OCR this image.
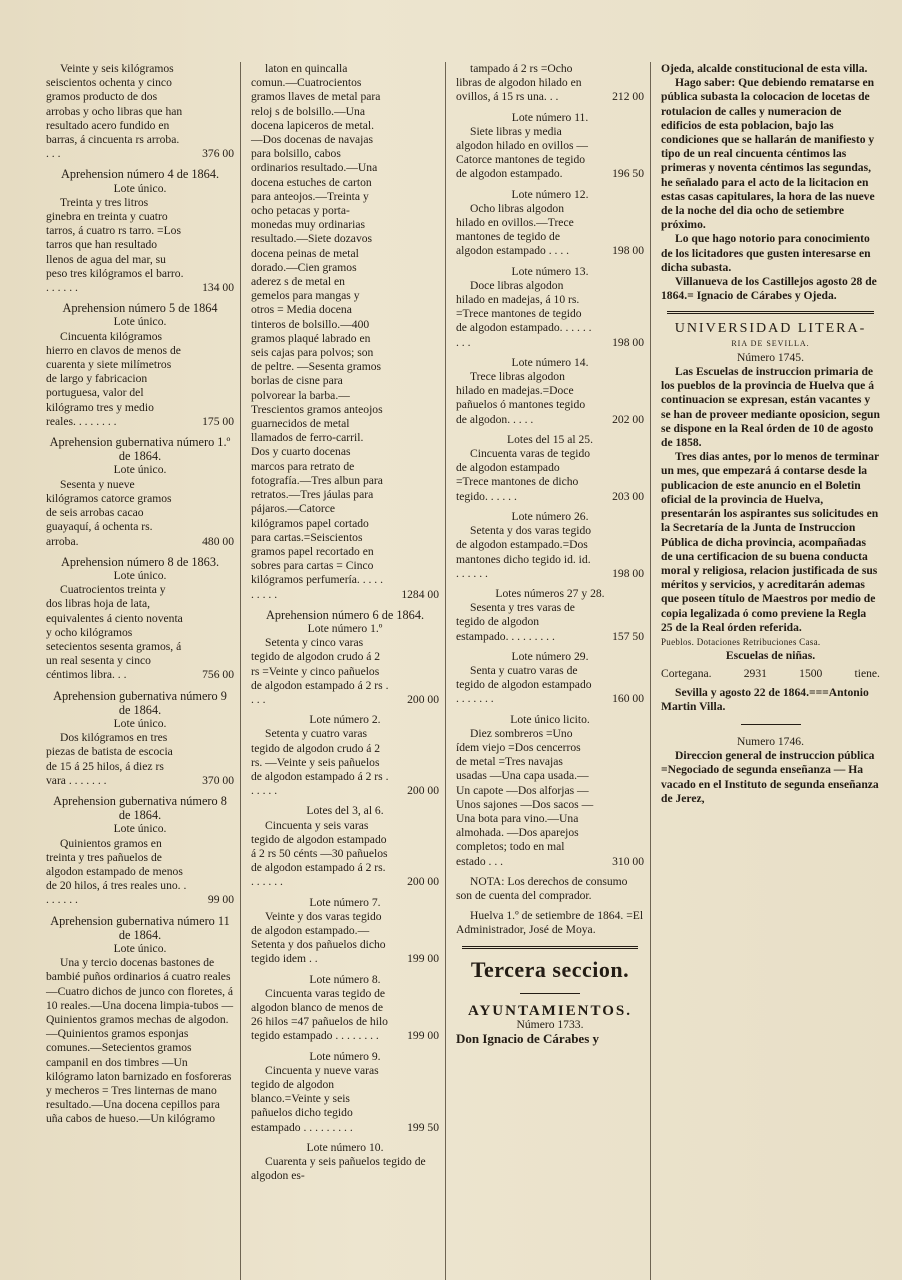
Veinte y seis kilógramos seiscientos ochenta y cinco gramos producto de dos arrobas y ocho libras que han resultado acero fundido en barras, á cincuenta rs arroba. . . .	376 00

Aprehension número 4 de 1864.

Lote único.

Treinta y tres litros ginebra en treinta y cuatro tarros, á cuatro rs tarro. =Los tarros que han resultado llenos de agua del mar, su peso tres kilógramos el barro. . . . . . .	134 00

Aprehension número 5 de 1864

Lote único.

Cincuenta kilógramos hierro en clavos de menos de cuarenta y siete milímetros de largo y fabricacion portuguesa, valor del kilógramo tres y medio reales. . . . . . . .	175 00

Aprehension gubernativa número 1.º de 1864.

Lote único.

Sesenta y nueve kilógramos catorce gramos de seis arrobas cacao guayaquí, á ochenta rs. arroba.	480 00

Aprehension número 8 de 1863.

Lote único.

Cuatrocientos treinta y dos libras hoja de lata, equivalentes á ciento noventa y ocho kilógramos setecientos sesenta gramos, á un real sesenta y cinco céntimos libra. . .	756 00

Aprehension gubernativa número 9 de 1864.

Lote único.

Dos kilógramos en tres piezas de batista de escocia de 15 á 25 hilos, á diez rs vara . . . . . . .	370 00

Aprehension gubernativa número 8 de 1864.

Lote único.

Quinientos gramos en treinta y tres pañuelos de algodon estampado de menos de 20 hilos, á tres reales uno. . . . . . . .	99 00

Aprehension gubernativa número 11 de 1864.

Lote único.

Una y tercio docenas bastones de bambié puños ordinarios á cuatro reales —Cuatro dichos de junco con floretes, á 10 reales.—Una docena limpia-tubos —Quinientos gramos mechas de algodon.—Quinientos gramos esponjas comunes.—Setecientos gramos campanil en dos timbres —Un kilógramo laton barnizado en fosforeras y mecheros = Tres linternas de mano resultado.—Una docena cepillos para uña cabos de hueso.—Un kilógramo
laton en quincalla comun.—Cuatrocientos gramos llaves de metal para reloj s de bolsillo.—Una docena lapiceros de metal.—Dos docenas de navajas para bolsillo, cabos ordinarios resultado.—Una docena estuches de carton para anteojos.—Treinta y ocho petacas y porta-monedas muy ordinarias resultado.—Siete dozavos docena peinas de metal dorado.—Cien gramos aderez s de metal en gemelos para mangas y otros = Media docena tinteros de bolsillo.—400 gramos plaqué labrado en seis cajas para polvos; son de peltre. —Sesenta gramos borlas de cisne para polvorear la barba.—Trescientos gramos anteojos guarnecidos de metal llamados de ferro-carril. Dos y cuarto docenas marcos para retrato de fotografía.—Tres albun para retratos.—Tres jáulas para pájaros.—Catorce kilógramos papel cortado para cartas.=Seiscientos gramos papel recortado en sobres para cartas = Cinco kilógramos perfumería. . . . . . . . . .	1284 00

Aprehension número 6 de 1864.

Lote número 1.º

Setenta y cinco varas tegido de algodon crudo á 2 rs =Veinte y cinco pañuelos de algodon estampado á 2 rs . . . .	200 00

Lote número 2.

Setenta y cuatro varas tegido de algodon crudo á 2 rs. —Veinte y seis pañuelos de algodon estampado á 2 rs . . . . . .	200 00

Lotes del 3, al 6.

Cincuenta y seis varas tegido de algodon estampado á 2 rs 50 cénts —30 pañuelos de algodon estampado á 2 rs. . . . . . .	200 00

Lote número 7.

Veinte y dos varas tegido de algodon estampado.—Setenta y dos pañuelos dicho tegido idem . .	199 00

Lote número 8.

Cincuenta varas tegido de algodon blanco de menos de 26 hilos =47 pañuelos de hilo tegido estampado . . . . . . . .	199 00

Lote número 9.

Cincuenta y nueve varas tegido de algodon blanco.=Veinte y seis pañuelos dicho tegido estampado . . . . . . . . .	199 50

Lote número 10.

Cuarenta y seis pañuelos tegido de algodon es-
tampado á 2 rs =Ocho libras de algodon hilado en ovillos, á 15 rs una. . .	212 00

Lote número 11.

Siete libras y media algodon hilado en ovillos —Catorce mantones de tegido de algodon estampado.	196 50

Lote número 12.

Ocho libras algodon hilado en ovillos.—Trece mantones de tegido de algodon estampado . . . .	198 00

Lote número 13.

Doce libras algodon hilado en madejas, á 10 rs. =Trece mantones de tegido de algodon estampado. . . . . . . . .	198 00

Lote número 14.

Trece libras algodon hilado en madejas.=Doce pañuelos ó mantones tegido de algodon. . . . .	202 00

Lotes del 15 al 25.

Cincuenta varas de tegido de algodon estampado =Trece mantones de dicho tegido. . . . . .	203 00

Lote número 26.

Setenta y dos varas tegido de algodon estampado.=Dos mantones dicho tegido id. id. . . . . . .	198 00

Lotes números 27 y 28.

Sesenta y tres varas de tegido de algodon estampado. . . . . . . . .	157 50

Lote número 29.

Senta y cuatro varas de tegido de algodon estampado . . . . . . .	160 00

Lote único licito.

Diez sombreros =Uno ídem viejo =Dos cencerros de metal =Tres navajas usadas —Una capa usada.—Un capote —Dos alforjas —Unos sajones —Dos sacos —Una bota para vino.—Una almohada. —Dos aparejos completos; todo en mal estado . . .	310 00
NOTA: Los derechos de consumo son de cuenta del comprador.
Huelva 1.º de setiembre de 1864. =El Administrador, José de Moya.

Tercera seccion.

AYUNTAMIENTOS.

Número 1733.

Don Ignacio de Cárabes y

Ojeda, alcalde constitucional de esta villa.

Hago saber: Que debiendo rematarse en pública subasta la colocacion de locetas de rotulacion de calles y numeracion de edificios de esta poblacion, bajo las condiciones que se hallarán de manifiesto y tipo de un real cincuenta céntimos las primeras y noventa céntimos las segundas, he señalado para el acto de la licitacion en estas casas capitulares, la hora de las nueve de la noche del dia ocho de setiembre próximo.

Lo que hago notorio para conocimiento de los licitadores que gusten interesarse en dicha subasta.

Villanueva de los Castillejos agosto 28 de 1864.= Ignacio de Cárabes y Ojeda.

UNIVERSIDAD LITERA-

RIA DE SEVILLA.

Número 1745.

Las Escuelas de instruccion primaria de los pueblos de la provincia de Huelva que á continuacion se expresan, están vacantes y se han de proveer mediante oposicion, segun se dispone en la Real órden de 10 de agosto de 1858.

Tres dias antes, por lo menos de terminar un mes, que empezará á contarse desde la publicacion de este anuncio en el Boletin oficial de la provincia de Huelva, presentarán los aspirantes sus solicitudes en la Secretaría de la Junta de Instruccion Pública de dicha provincia, acompañadas de una certificacion de su buena conducta moral y religiosa, relacion justificada de sus méritos y servicios, y acreditarán ademas que poseen título de Maestros por medio de copia legalizada ó como previene la Regla 25 de la Real órden referida.

Pueblos. Dotaciones Retribuciones Casa.

Escuelas de niñas.

Cortegana.	2931	1500	tiene.

Sevilla y agosto 22 de 1864.===Antonio Martin Villa.

Numero 1746.

Direccion general de instruccion pública =Negociado de segunda enseñanza — Ha vacado en el Instituto de segunda enseñanza de Jerez,
